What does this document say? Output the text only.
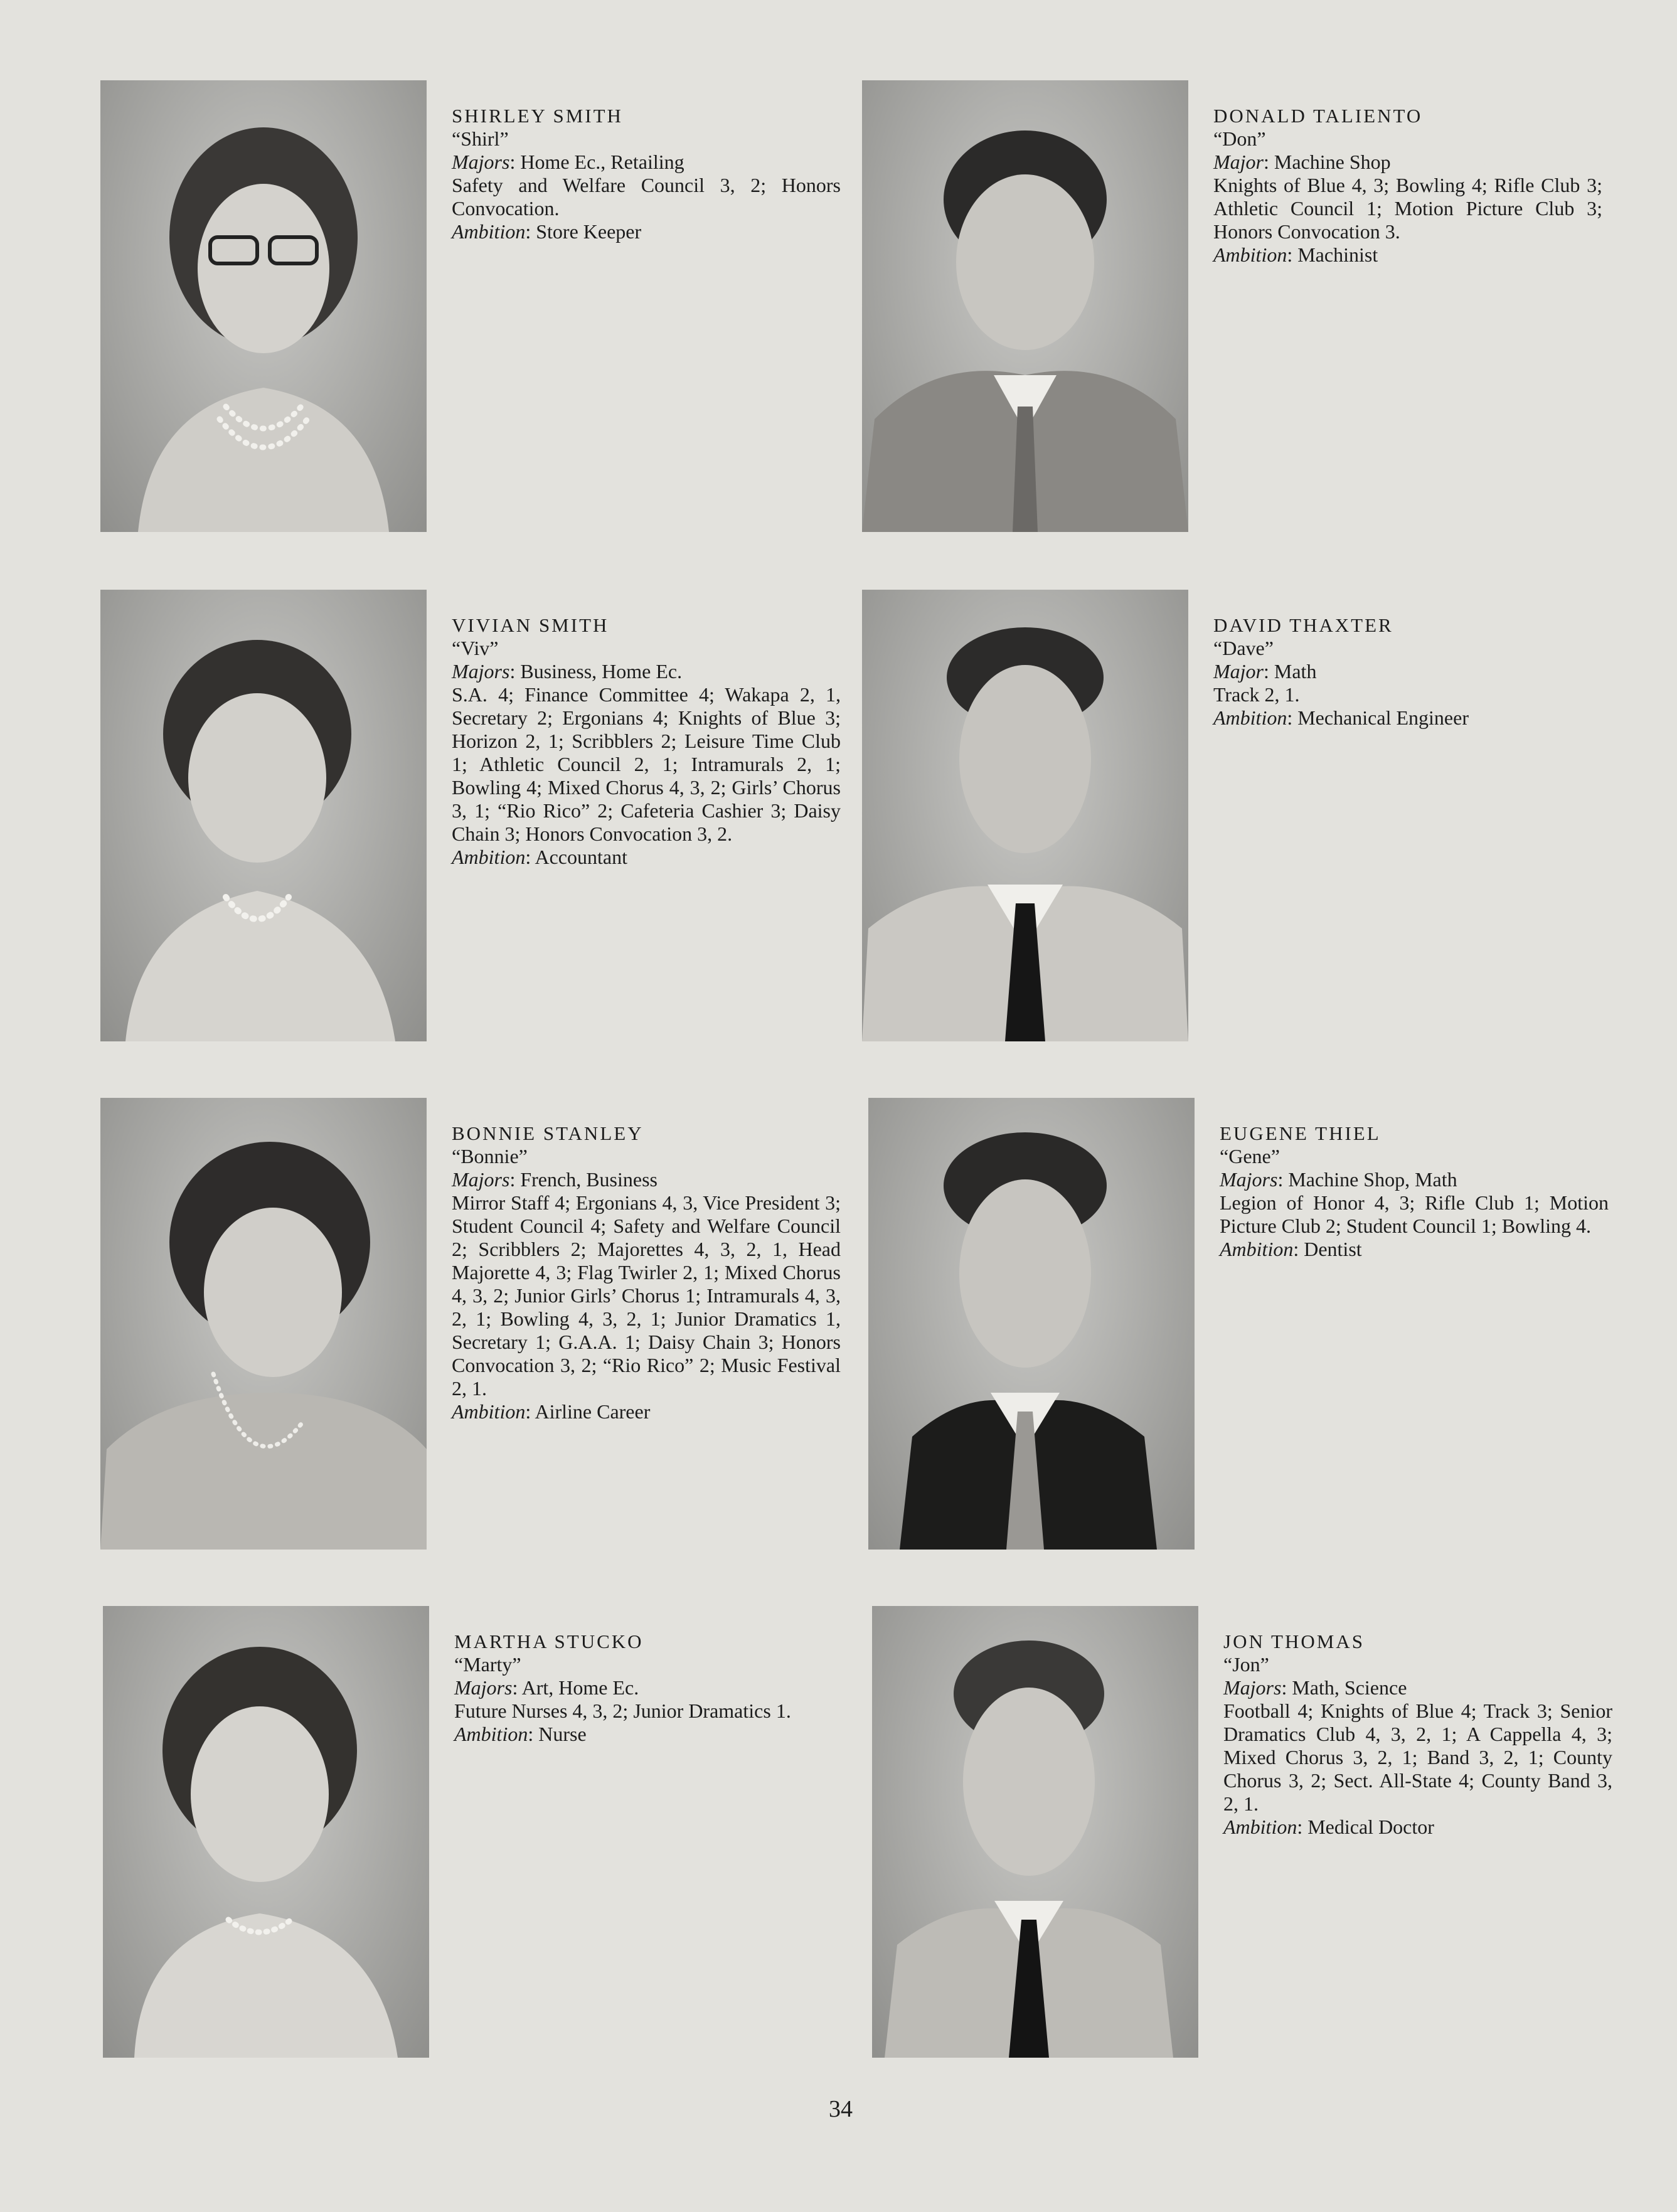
SHIRLEY SMITH
“Shirl”
Majors: Home Ec., Retailing
Safety and Welfare Council 3, 2; Honors Convocation.
Ambition: Store Keeper
DONALD TALIENTO
“Don”
Major: Machine Shop
Knights of Blue 4, 3; Bowling 4; Rifle Club 3; Athletic Council 1; Motion Picture Club 3; Honors Convocation 3.
Ambition: Machinist
VIVIAN SMITH
“Viv”
Majors: Business, Home Ec.
S.A. 4; Finance Committee 4; Wakapa 2, 1, Secretary 2; Ergonians 4; Knights of Blue 3; Horizon 2, 1; Scribblers 2; Leisure Time Club 1; Athletic Council 2, 1; Intramurals 2, 1; Bowling 4; Mixed Chorus 4, 3, 2; Girls’ Chorus 3, 1; “Rio Rico” 2; Cafeteria Cashier 3; Daisy Chain 3; Honors Convocation 3, 2.
Ambition: Accountant
DAVID THAXTER
“Dave”
Major: Math
Track 2, 1.
Ambition: Mechanical Engineer
BONNIE STANLEY
“Bonnie”
Majors: French, Business
Mirror Staff 4; Ergonians 4, 3, Vice President 3; Student Council 4; Safety and Welfare Council 2; Scribblers 2; Majorettes 4, 3, 2, 1, Head Majorette 4, 3; Flag Twirler 2, 1; Mixed Chorus 4, 3, 2; Junior Girls’ Chorus 1; Intramurals 4, 3, 2, 1; Bowling 4, 3, 2, 1; Junior Dramatics 1, Secretary 1; G.A.A. 1; Daisy Chain 3; Honors Convocation 3, 2; “Rio Rico” 2; Music Festival 2, 1.
Ambition: Airline Career
EUGENE THIEL
“Gene”
Majors: Machine Shop, Math
Legion of Honor 4, 3; Rifle Club 1; Motion Picture Club 2; Student Council 1; Bowling 4.
Ambition: Dentist
MARTHA STUCKO
“Marty”
Majors: Art, Home Ec.
Future Nurses 4, 3, 2; Junior Dramatics 1.
Ambition: Nurse
JON THOMAS
“Jon”
Majors: Math, Science
Football 4; Knights of Blue 4; Track 3; Senior Dramatics Club 4, 3, 2, 1; A Cappella 4, 3; Mixed Chorus 3, 2, 1; Band 3, 2, 1; County Chorus 3, 2; Sect. All-State 4; County Band 3, 2, 1.
Ambition: Medical Doctor
34
